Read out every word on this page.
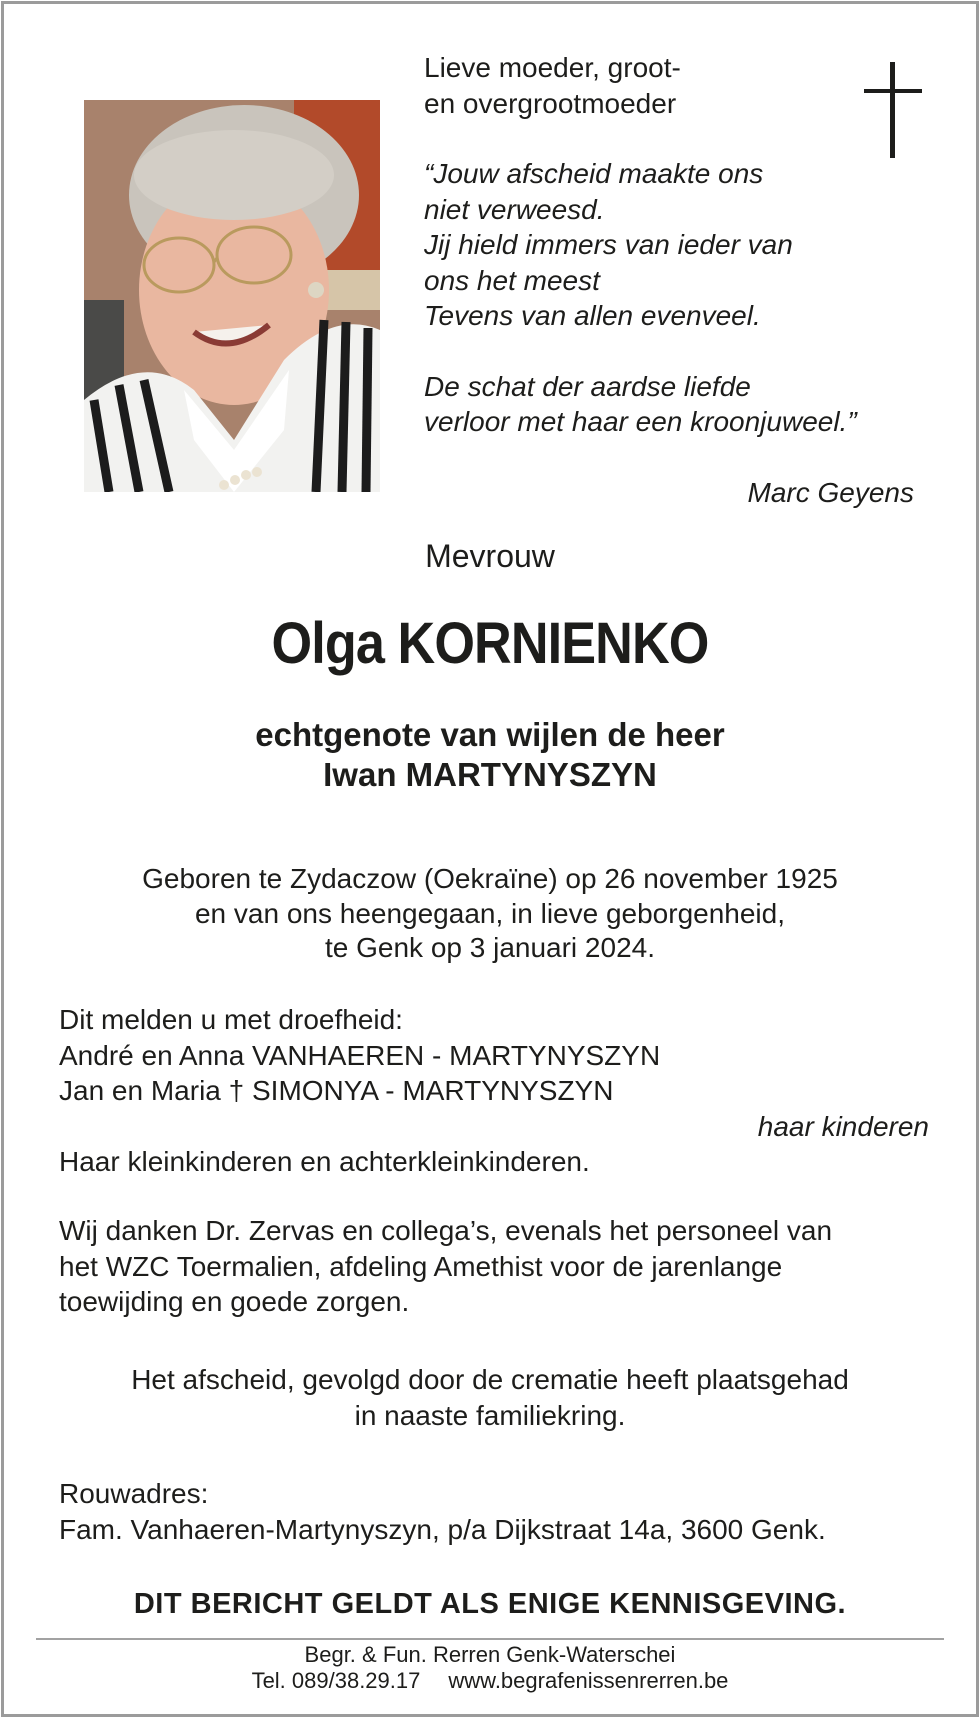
Lieve moeder, groot-
en overgrootmoeder
“Jouw afscheid maakte ons
niet verweesd.
Jij hield immers van ieder van
ons het meest
Tevens van allen evenveel.
De schat der aardse liefde
verloor met haar een kroonjuweel.”

Marc Geyens

Mevrouw
Olga KORNIENKO
echtgenote van wijlen de heer
Iwan MARTYNYSZYN
Geboren te Zydaczow (Oekraïne) op 26 november 1925
en van ons heengegaan, in lieve geborgenheid,
te Genk op 3 januari 2024.
Dit melden u met droefheid:
André en Anna VANHAEREN - MARTYNYSZYN
Jan en Maria † SIMONYA - MARTYNYSZYN
haar kinderen
Haar kleinkinderen en achterkleinkinderen.
Wij danken Dr. Zervas en collega’s, evenals het personeel van
het WZC Toermalien, afdeling Amethist voor de jarenlange
toewijding en goede zorgen.
Het afscheid, gevolgd door de crematie heeft plaatsgehad
in naaste familiekring.
Rouwadres:
Fam. Vanhaeren-Martynyszyn, p/a Dijkstraat 14a, 3600 Genk.
DIT BERICHT GELDT ALS ENIGE KENNISGEVING.
Begr. & Fun. Rerren Genk-Waterschei
Tel. 089/38.29.17 www.begrafenissenrerren.be
